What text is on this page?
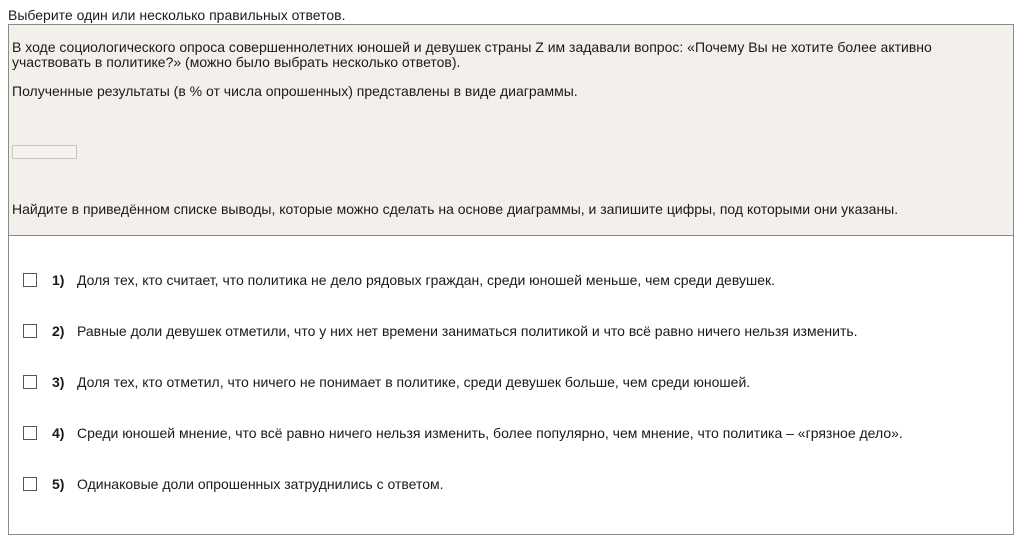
Выберите один или несколько правильных ответов.
В ходе социологического опроса совершеннолетних юношей и девушек страны Z им задавали вопрос: «Почему Вы не хотите более активно участвовать в политике?» (можно было выбрать несколько ответов).
Полученные результаты (в % от числа опрошенных) представлены в виде диаграммы.
Найдите в приведённом списке выводы, которые можно сделать на основе диаграммы, и запишите цифры, под которыми они указаны.
1) Доля тех, кто считает, что политика не дело рядовых граждан, среди юношей меньше, чем среди девушек.
2) Равные доли девушек отметили, что у них нет времени заниматься политикой и что всё равно ничего нельзя изменить.
3) Доля тех, кто отметил, что ничего не понимает в политике, среди девушек больше, чем среди юношей.
4) Среди юношей мнение, что всё равно ничего нельзя изменить, более популярно, чем мнение, что политика – «грязное дело».
5) Одинаковые доли опрошенных затруднились с ответом.
